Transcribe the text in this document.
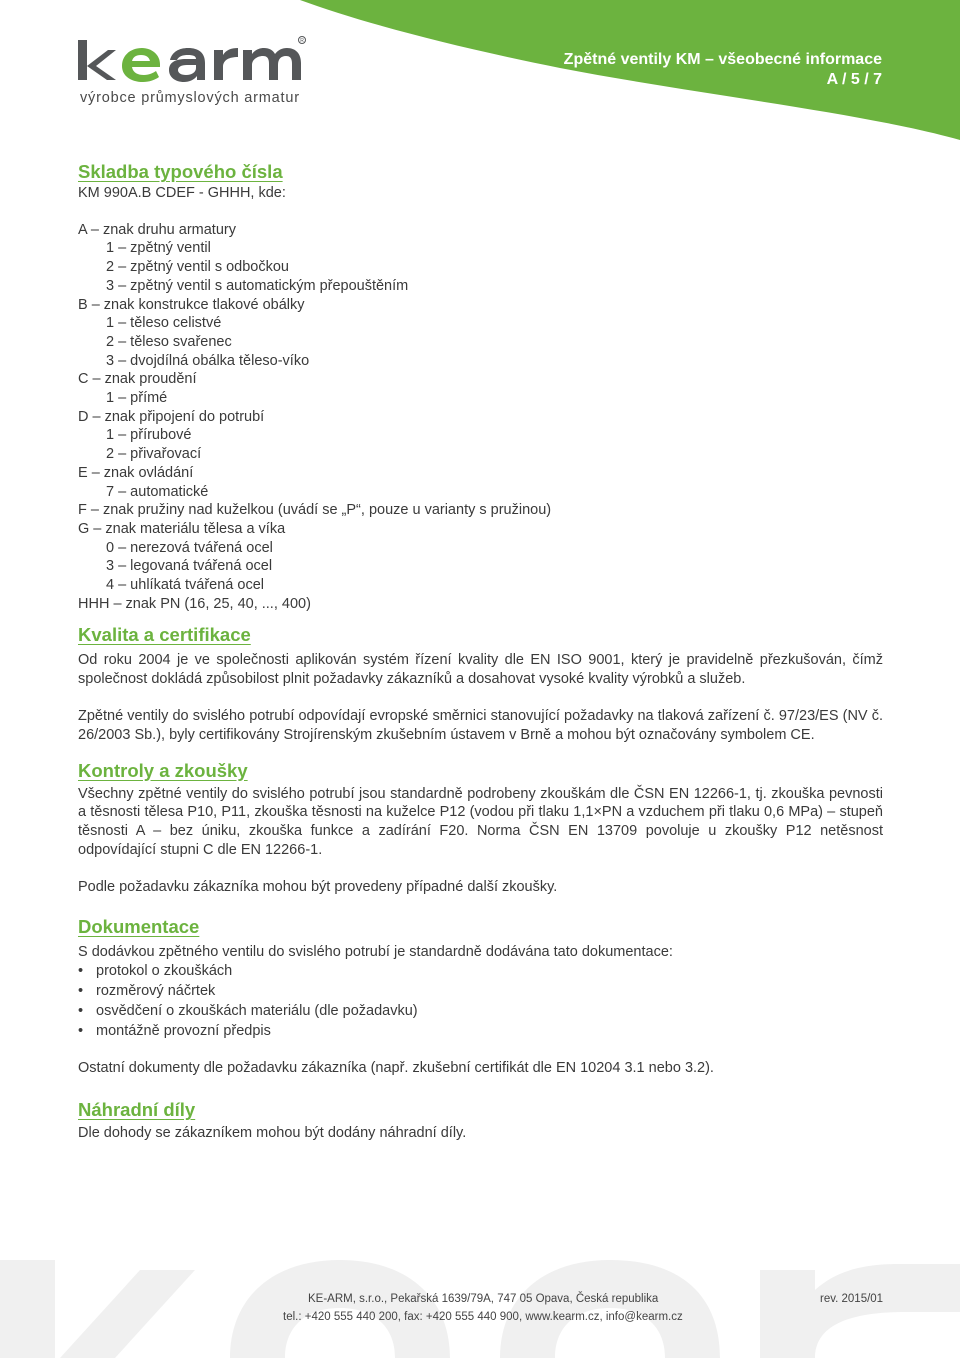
R
výrobce průmyslových armatur
Zpětné ventily KM – všeobecné informace
A / 5 / 7
Skladba typového čísla
KM 990A.B CDEF - GHHH, kde:
A – znak druhu armatury
1 – zpětný ventil
2 – zpětný ventil s odbočkou
3 – zpětný ventil s automatickým přepouštěním
B – znak konstrukce tlakové obálky
1 – těleso celistvé
2 – těleso svařenec
3 – dvojdílná obálka těleso-víko
C – znak proudění
1 – přímé
D – znak připojení do potrubí
1 – přírubové
2 – přivařovací
E – znak ovládání
7 – automatické
F – znak pružiny nad kuželkou (uvádí se „P“, pouze u varianty s pružinou)
G – znak materiálu tělesa a víka
0 – nerezová tvářená ocel
3 – legovaná tvářená ocel
4 – uhlíkatá tvářená ocel
HHH – znak PN (16, 25, 40, ..., 400)
Kvalita a certifikace

Od roku 2004 je ve společnosti aplikován systém řízení kvality dle EN ISO 9001, který je pravidelně přezkušován, čímž společnost dokládá způsobilost plnit požadavky zákazníků a dosahovat vysoké kvality výrobků a služeb.

Zpětné ventily do svislého potrubí odpovídají evropské směrnici stanovující požadavky na tlaková zařízení č. 97/23/ES (NV č. 26/2003 Sb.), byly certifikovány Strojírenským zkušebním ústavem v Brně a mohou být označovány symbolem CE.

Kontroly a zkoušky

Všechny zpětné ventily do svislého potrubí jsou standardně podrobeny zkouškám dle ČSN EN 12266-1, tj. zkouška pevnosti a těsnosti tělesa P10, P11, zkouška těsnosti na kuželce P12 (vodou při tlaku 1,1×PN a vzduchem při tlaku 0,6 MPa) – stupeň těsnosti A – bez úniku, zkouška funkce a zadírání F20. Norma ČSN EN 13709 povoluje u zkoušky P12 netěsnost odpovídající stupni C dle EN 12266-1.

Podle požadavku zákazníka mohou být provedeny případné další zkoušky.

Dokumentace

S dodávkou zpětného ventilu do svislého potrubí je standardně dodávána tato dokumentace:

• protokol o zkouškách
• rozměrový náčrtek
• osvědčení o zkouškách materiálu (dle požadavku)
• montážně provozní předpis

Ostatní dokumenty dle požadavku zákazníka (např. zkušební certifikát dle EN 10204 3.1 nebo 3.2).

Náhradní díly

Dle dohody se zákazníkem mohou být dodány náhradní díly.

KE-ARM, s.r.o., Pekařská 1639/79A, 747 05 Opava, Česká republika	rev. 2015/01
tel.: +420 555 440 200, fax: +420 555 440 900, www.kearm.cz, info@kearm.cz
